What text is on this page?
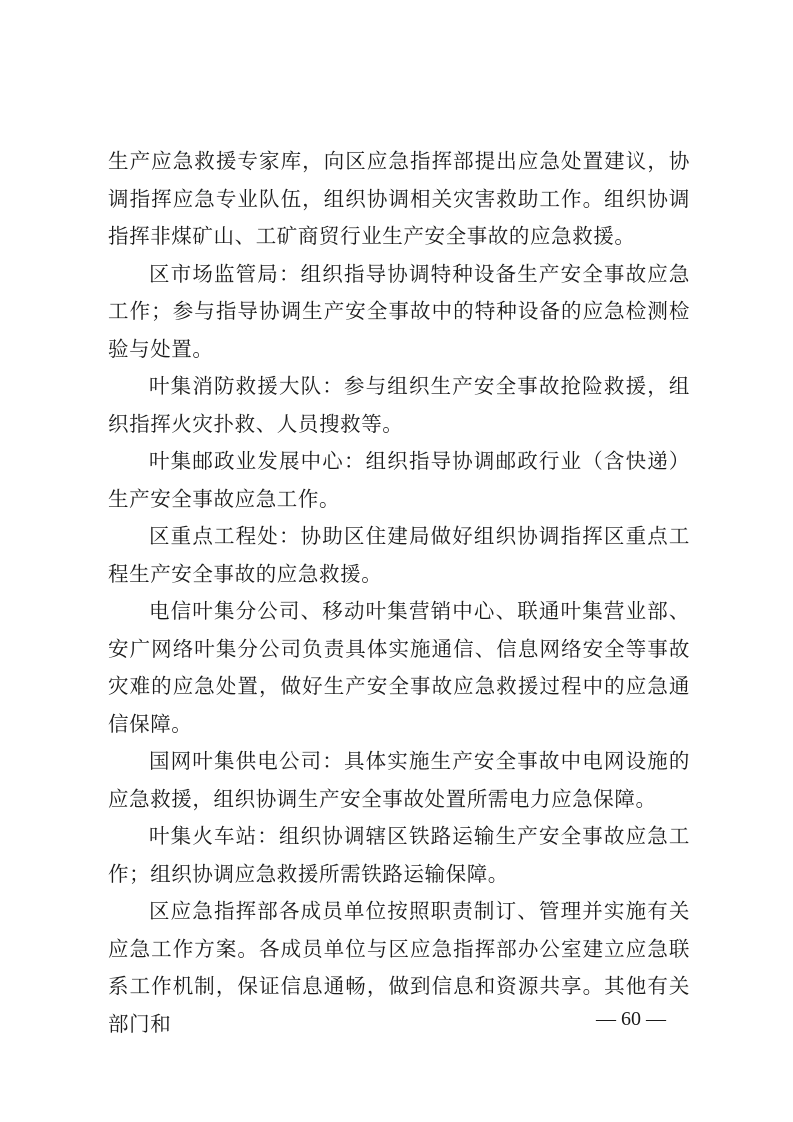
生产应急救援专家库，向区应急指挥部提出应急处置建议，协调指挥应急专业队伍，组织协调相关灾害救助工作。组织协调指挥非煤矿山、工矿商贸行业生产安全事故的应急救援。

区市场监管局：组织指导协调特种设备生产安全事故应急工作；参与指导协调生产安全事故中的特种设备的应急检测检验与处置。

叶集消防救援大队：参与组织生产安全事故抢险救援，组织指挥火灾扑救、人员搜救等。

叶集邮政业发展中心：组织指导协调邮政行业（含快递）生产安全事故应急工作。

区重点工程处：协助区住建局做好组织协调指挥区重点工程生产安全事故的应急救援。

电信叶集分公司、移动叶集营销中心、联通叶集营业部、安广网络叶集分公司负责具体实施通信、信息网络安全等事故灾难的应急处置，做好生产安全事故应急救援过程中的应急通信保障。

国网叶集供电公司：具体实施生产安全事故中电网设施的应急救援，组织协调生产安全事故处置所需电力应急保障。

叶集火车站：组织协调辖区铁路运输生产安全事故应急工作；组织协调应急救援所需铁路运输保障。

区应急指挥部各成员单位按照职责制订、管理并实施有关应急工作方案。各成员单位与区应急指挥部办公室建立应急联系工作机制，保证信息通畅，做到信息和资源共享。其他有关部门和	— 60 —
